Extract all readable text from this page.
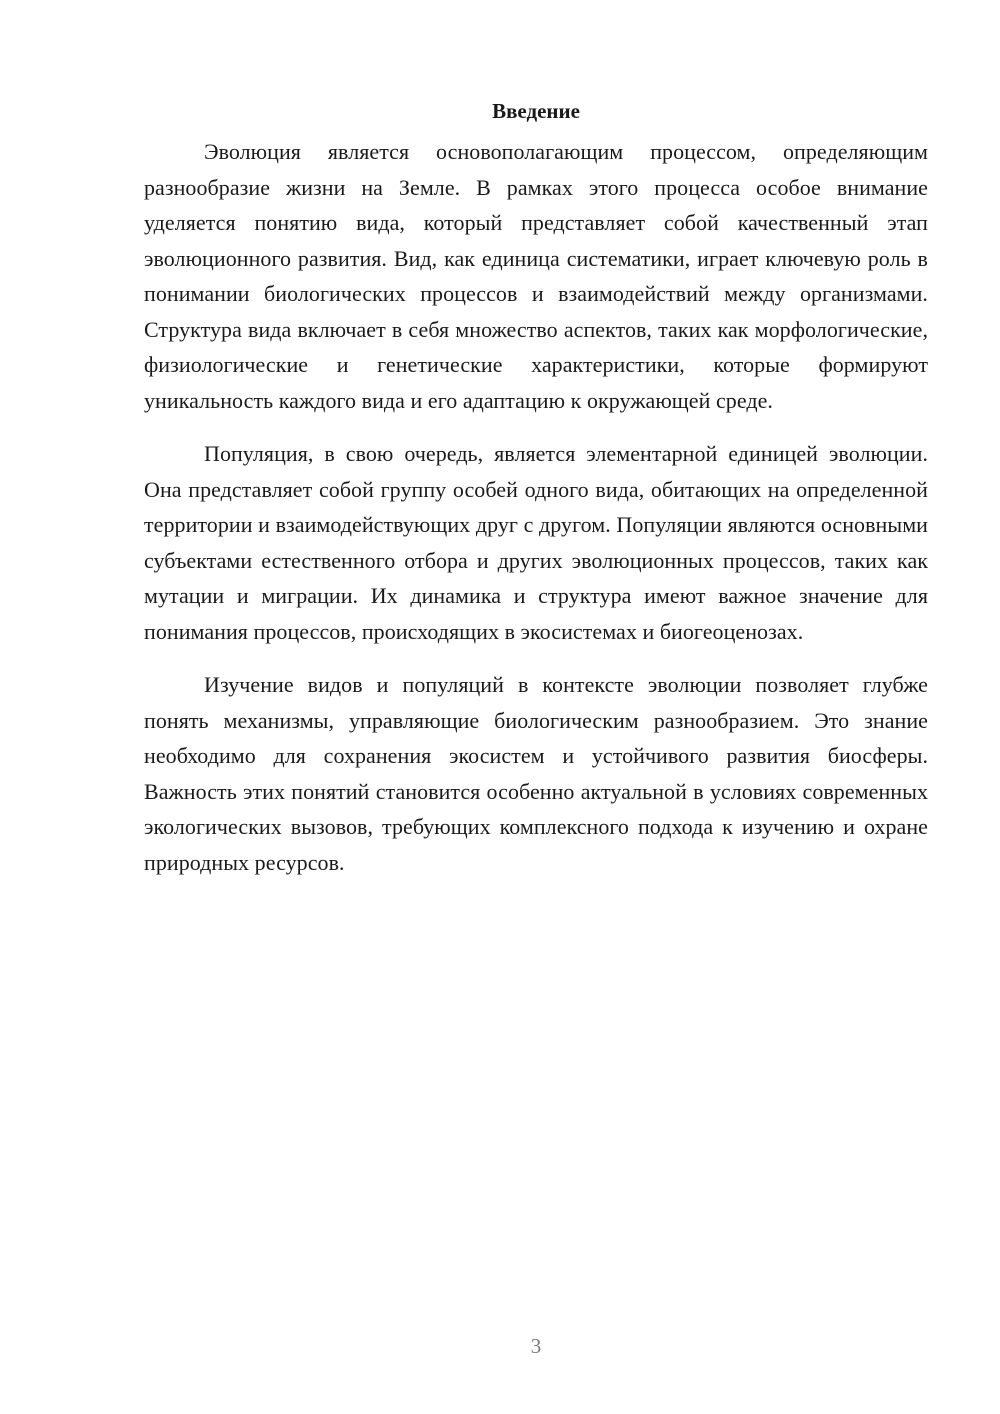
Введение

Эволюция является основополагающим процессом, определяющим разнообразие жизни на Земле. В рамках этого процесса особое внимание уделяется понятию вида, который представляет собой качественный этап эволюционного развития. Вид, как единица систематики, играет ключевую роль в понимании биологических процессов и взаимодействий между организмами. Структура вида включает в себя множество аспектов, таких как морфологические, физиологические и генетические характеристики, которые формируют уникальность каждого вида и его адаптацию к окружающей среде.

Популяция, в свою очередь, является элементарной единицей эволюции. Она представляет собой группу особей одного вида, обитающих на определенной территории и взаимодействующих друг с другом. Популяции являются основными субъектами естественного отбора и других эволюционных процессов, таких как мутации и миграции. Их динамика и структура имеют важное значение для понимания процессов, происходящих в экосистемах и биогеоценозах.

Изучение видов и популяций в контексте эволюции позволяет глубже понять механизмы, управляющие биологическим разнообразием. Это знание необходимо для сохранения экосистем и устойчивого развития биосферы. Важность этих понятий становится особенно актуальной в условиях современных экологических вызовов, требующих комплексного подхода к изучению и охране природных ресурсов.

3
